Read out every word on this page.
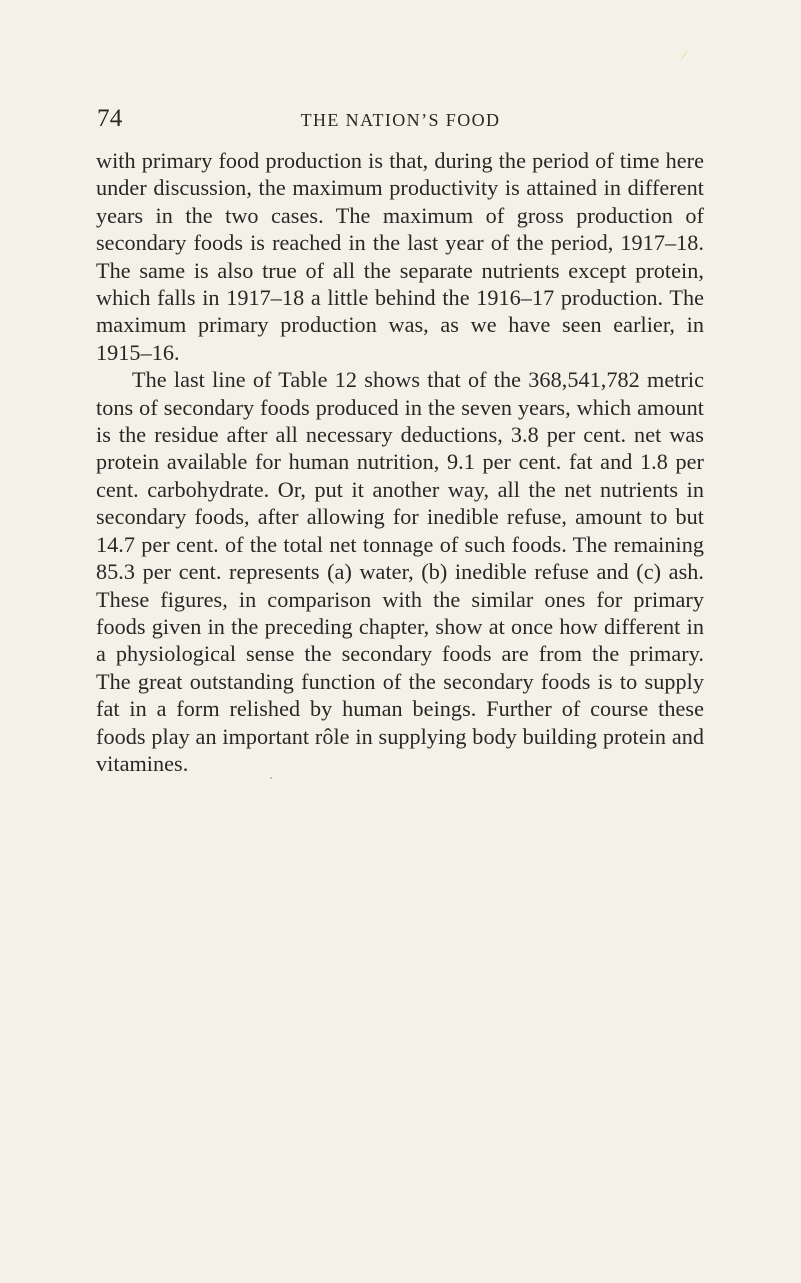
74	THE NATION’S FOOD

with primary food production is that, during the period of time here under discussion, the maximum productivity is attained in different years in the two cases. The maximum of gross production of secondary foods is reached in the last year of the period, 1917–18. The same is also true of all the separate nutrients except protein, which falls in 1917–18 a little behind the 1916–17 production. The maximum primary production was, as we have seen earlier, in 1915–16.

The last line of Table 12 shows that of the 368,541,782 metric tons of secondary foods produced in the seven years, which amount is the residue after all necessary deductions, 3.8 per cent. net was protein available for human nutrition, 9.1 per cent. fat and 1.8 per cent. carbohydrate. Or, put it another way, all the net nutrients in secondary foods, after allowing for inedible refuse, amount to but 14.7 per cent. of the total net tonnage of such foods. The remaining 85.3 per cent. represents (a) water, (b) inedible refuse and (c) ash. These figures, in comparison with the similar ones for primary foods given in the preceding chapter, show at once how different in a physiological sense the secondary foods are from the primary. The great outstanding function of the secondary foods is to supply fat in a form relished by human beings. Further of course these foods play an important rôle in supplying body building protein and vitamines.
